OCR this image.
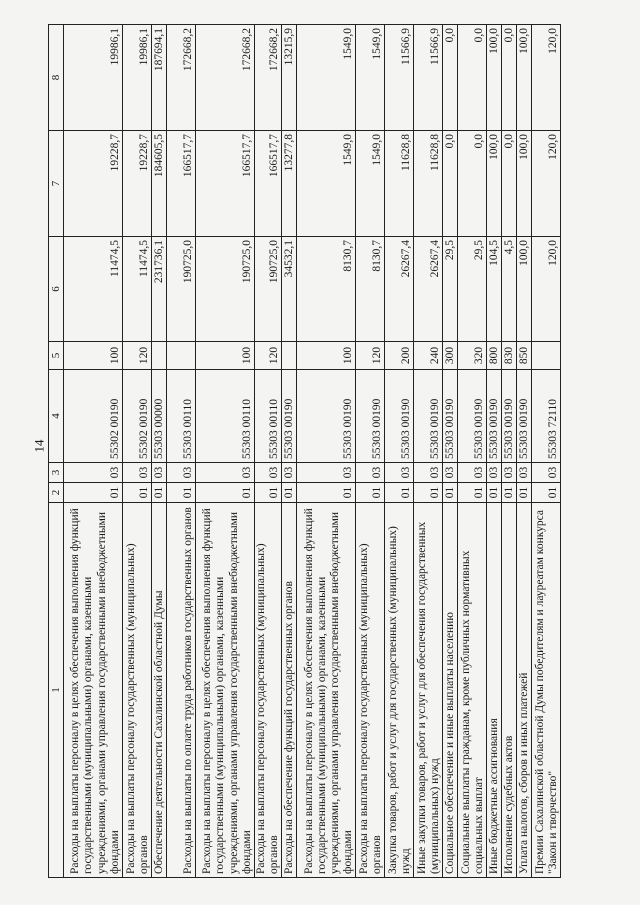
14
1	2	3	4	5	6	7	8
Расходы на выплаты персоналу в целях обеспечения выполнения функций государственными (муниципальными) органами, казенными учреждениями, органами управления государственными внебюджетными фондами	01	03	55302 00190	100	11474,5	19228,7	19986,1
Расходы на выплаты персоналу государственных (муниципальных) органов	01	03	55302 00190	120	11474,5	19228,7	19986,1
Обеспечение деятельности Сахалинской областной Думы	01	03	55303 00000		231736,1	184605,5	187694,1
Расходы на выплаты по оплате труда работников государственных органов	01	03	55303 00110		190725,0	166517,7	172668,2
Расходы на выплаты персоналу в целях обеспечения выполнения функций государственными (муниципальными) органами, казенными учреждениями, органами управления государственными внебюджетными фондами	01	03	55303 00110	100	190725,0	166517,7	172668,2
Расходы на выплаты персоналу государственных (муниципальных) органов	01	03	55303 00110	120	190725,0	166517,7	172668,2
Расходы на обеспечение функций государственных органов	01	03	55303 00190		34532,1	13277,8	13215,9
Расходы на выплаты персоналу в целях обеспечения выполнения функций государственными (муниципальными) органами, казенными учреждениями, органами управления государственными внебюджетными фондами	01	03	55303 00190	100	8130,7	1549,0	1549,0
Расходы на выплаты персоналу государственных (муниципальных) органов	01	03	55303 00190	120	8130,7	1549,0	1549,0
Закупка товаров, работ и услуг для государственных (муниципальных) нужд	01	03	55303 00190	200	26267,4	11628,8	11566,9
Иные закупки товаров, работ и услуг для обеспечения государственных (муниципальных) нужд	01	03	55303 00190	240	26267,4	11628,8	11566,9
Социальное обеспечение и иные выплаты населению	01	03	55303 00190	300	29,5	0,0	0,0
Социальные выплаты гражданам, кроме публичных нормативных социальных выплат	01	03	55303 00190	320	29,5	0,0	0,0
Иные бюджетные ассигнования	01	03	55303 00190	800	104,5	100,0	100,0
Исполнение судебных актов	01	03	55303 00190	830	4,5	0,0	0,0
Уплата налогов, сборов и иных платежей	01	03	55303 00190	850	100,0	100,0	100,0
Премии Сахалинской областной Думы победителям и лауреатам конкурса "Закон и творчество"	01	03	55303 72110		120,0	120,0	120,0
